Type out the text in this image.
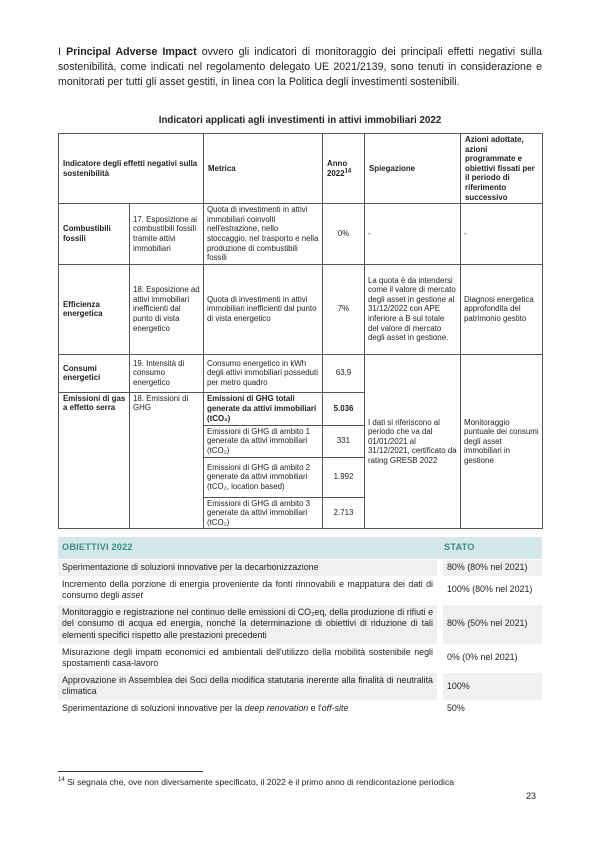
I Principal Adverse Impact ovvero gli indicatori di monitoraggio dei principali effetti negativi sulla sostenibilità, come indicati nel regolamento delegato UE 2021/2139, sono tenuti in considerazione e monitorati per tutti gli asset gestiti, in linea con la Politica degli investimenti sostenibili.

Indicatori applicati agli investimenti in attivi immobiliari 2022
Indicatore degli effetti negativi sulla sostenibilità		Metrica	Anno 2022$^{14}$	Spiegazione	Azioni adottate, azioni programmate e obiettivi fissati per il periodo di riferimento successivo
Combustibili fossili	17. Esposizione ai combustibili fossili tramite attivi immobiliari	Quota di investimenti in attivi immobiliari coinvolti nell'estrazione, nello stoccaggio, nel trasporto e nella produzione di combustibili fossili	0%	-	-
Efficienza energetica	18. Esposizione ad attivi immobiliari inefficienti dal punto di vista energetico	Quota di investimenti in attivi immobiliari inefficienti dal punto di vista energetico	7%	La quota è da intendersi come il valore di mercato degli asset in gestione al 31/12/2022 con APE inferiore a B sul totale del valore di mercato degli asset in gestione.	Diagnosi energetica approfondita del patrimonio gestito
Consumi energetici	19. Intensità di consumo energetico	Consumo energetico in kWh degli attivi immobiliari posseduti per metro quadro	63,9	I dati si riferiscono al periodo che va dal 01/01/2021 al 31/12/2021, certificato da rating GRESB 2022	Monitoraggio puntuale dei consumi degli asset immobiliari in gestione
Emissioni di gas a effetto serra	18. Emissioni di GHG	Emissioni di GHG totali generate da attivi immobiliari (tCO₂)	5.036		
		Emissioni di GHG di ambito 1 generate da attivi immobiliari (tCO₂)	331		
		Emissioni di GHG di ambito 2 generate da attivi immobiliari (tCO₂, location based)	1.992		
		Emissioni di GHG di ambito 3 generate da attivi immobiliari (tCO₂)	2.713		
OBIETTIVI 2022	STATO
Sperimentazione di soluzioni innovative per la decarbonizzazione	80% (80% nel 2021)
Incremento della porzione di energia proveniente da fonti rinnovabili e mappatura dei dati di consumo degli asset	100% (80% nel 2021)
Monitoraggio e registrazione nel continuo delle emissioni di CO₂eq, della produzione di rifiuti e del consumo di acqua ed energia, nonché la determinazione di obiettivi di riduzione di tali elementi specifici rispetto alle prestazioni precedenti	80% (50% nel 2021)
Misurazione degli impatti economici ed ambientali dell'utilizzo della mobilità sostenibile negli spostamenti casa-lavoro	0% (0% nel 2021)
Approvazione in Assemblea dei Soci della modifica statutaria inerente alla finalità di neutralità climatica	100%
Sperimentazione di soluzioni innovative per la deep renovation e l'off-site	50%
$^{14}$ Si segnala che, ove non diversamente specificato, il 2022 è il primo anno di rendicontazione periodica
23
